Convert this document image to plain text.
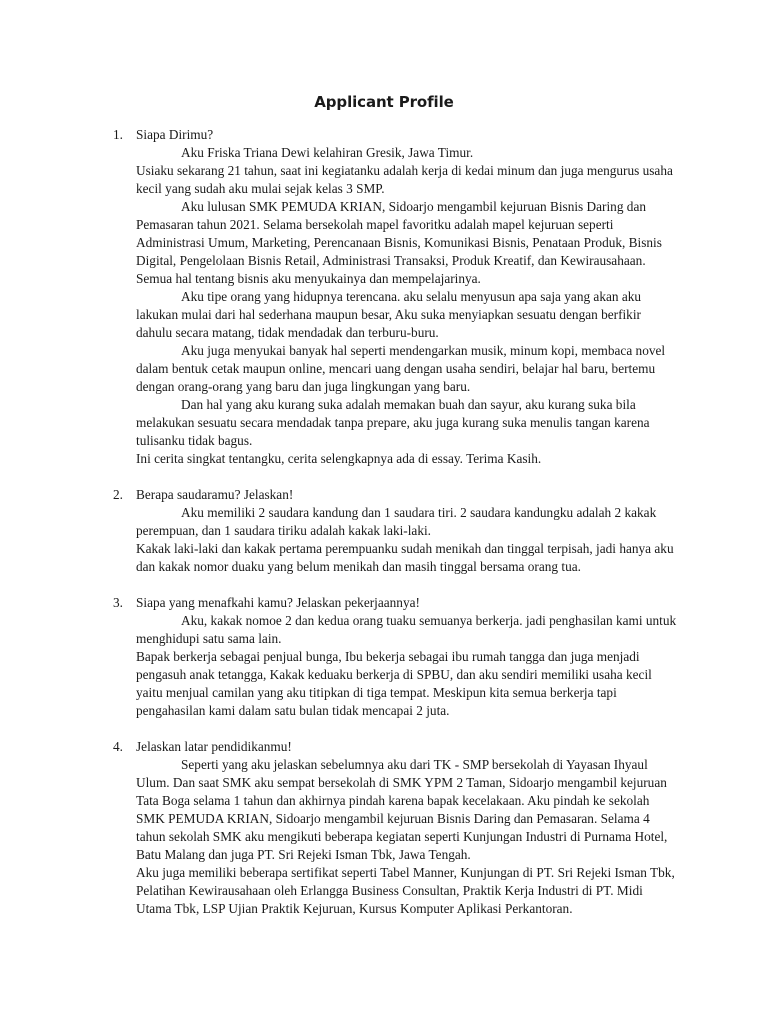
Applicant Profile
1. Siapa Dirimu?
Aku Friska Triana Dewi kelahiran Gresik, Jawa Timur.
Usiaku sekarang 21 tahun, saat ini kegiatanku adalah kerja di kedai minum dan juga mengurus usaha kecil yang sudah aku mulai sejak kelas 3 SMP.
Aku lulusan SMK PEMUDA KRIAN, Sidoarjo mengambil kejuruan Bisnis Daring dan Pemasaran tahun 2021. Selama bersekolah mapel favoritku adalah mapel kejuruan seperti Administrasi Umum, Marketing, Perencanaan Bisnis, Komunikasi Bisnis, Penataan Produk, Bisnis Digital, Pengelolaan Bisnis Retail, Administrasi Transaksi, Produk Kreatif, dan Kewirausahaan. Semua hal tentang bisnis aku menyukainya dan mempelajarinya.
Aku tipe orang yang hidupnya terencana. aku selalu menyusun apa saja yang akan aku lakukan mulai dari hal sederhana maupun besar, Aku suka menyiapkan sesuatu dengan berfikir dahulu secara matang, tidak mendadak dan terburu-buru.
Aku juga menyukai banyak hal seperti mendengarkan musik, minum kopi, membaca novel dalam bentuk cetak maupun online, mencari uang dengan usaha sendiri, belajar hal baru, bertemu dengan orang-orang yang baru dan juga lingkungan yang baru.
Dan hal yang aku kurang suka adalah memakan buah dan sayur, aku kurang suka bila melakukan sesuatu secara mendadak tanpa prepare, aku juga kurang suka menulis tangan karena tulisanku tidak bagus.
Ini cerita singkat tentangku, cerita selengkapnya ada di essay. Terima Kasih.
2. Berapa saudaramu? Jelaskan!
Aku memiliki 2 saudara kandung dan 1 saudara tiri. 2 saudara kandungku adalah 2 kakak perempuan, dan 1 saudara tiriku adalah kakak laki-laki.
Kakak laki-laki dan kakak pertama perempuanku sudah menikah dan tinggal terpisah, jadi hanya aku dan kakak nomor duaku yang belum menikah dan masih tinggal bersama orang tua.
3. Siapa yang menafkahi kamu? Jelaskan pekerjaannya!
Aku, kakak nomoe 2 dan kedua orang tuaku semuanya berkerja. jadi penghasilan kami untuk menghidupi satu sama lain.
Bapak berkerja sebagai penjual bunga, Ibu bekerja sebagai ibu rumah tangga dan juga menjadi pengasuh anak tetangga, Kakak keduaku berkerja di SPBU, dan aku sendiri memiliki usaha kecil yaitu menjual camilan yang aku titipkan di tiga tempat. Meskipun kita semua berkerja tapi pengahasilan kami dalam satu bulan tidak mencapai 2 juta.
4. Jelaskan latar pendidikanmu!
Seperti yang aku jelaskan sebelumnya aku dari TK - SMP bersekolah di Yayasan Ihyaul Ulum. Dan saat SMK aku sempat bersekolah di SMK YPM 2 Taman, Sidoarjo mengambil kejuruan Tata Boga selama 1 tahun dan akhirnya pindah karena bapak kecelakaan. Aku pindah ke sekolah SMK PEMUDA KRIAN, Sidoarjo mengambil kejuruan Bisnis Daring dan Pemasaran. Selama 4 tahun sekolah SMK aku mengikuti beberapa kegiatan seperti Kunjungan Industri di Purnama Hotel, Batu Malang dan juga PT. Sri Rejeki Isman Tbk, Jawa Tengah.
Aku juga memiliki beberapa sertifikat seperti Tabel Manner, Kunjungan di PT. Sri Rejeki Isman Tbk, Pelatihan Kewirausahaan oleh Erlangga Business Consultan, Praktik Kerja Industri di PT. Midi Utama Tbk, LSP Ujian Praktik Kejuruan, Kursus Komputer Aplikasi Perkantoran.
